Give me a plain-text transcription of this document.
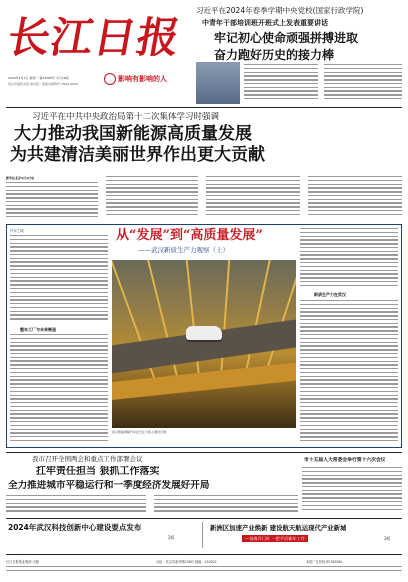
长江日报
2024年4月1日 星期一 第23589号 今日16版	影响有影响的人
武汉市委机关报 国内统一连续出版物号 CN42-0009
习近平在2024年春季学期中央党校(国家行政学院)
中青年干部培训班开班式上发表重要讲话
牢记初心使命顽强拼搏进取
奋力跑好历史的接力棒
习近平在中共中央政治局第十二次集体学习时强调
大力推动我国新能源高质量发展
为共建清洁美丽世界作出更大贡献
新华社北京3月1日电
汽车之城
整车工厂与未来制造
从“发展”到“高质量发展”
——武汉新质生产力观察（上）
武汉智能网联汽车在长江大桥上测试行驶。
新质生产力在武汉
我市召开全国两会和重点工作部署会议
扛牢责任担当 狠抓工作落实
全力推进城市平稳运行和一季度经济发展好开局
市十五届人大常委会举行第十六次会议
2024年武汉科技创新中心建设要点发布
2版
新洲区加速产业焕新 建设航天航运现代产业新城
—奋战开门红 一把手话新年工作	3版
长江日报报业集团 出版	社址：武汉市新华路238号 邮编：430022	本报广告热线 85763080
